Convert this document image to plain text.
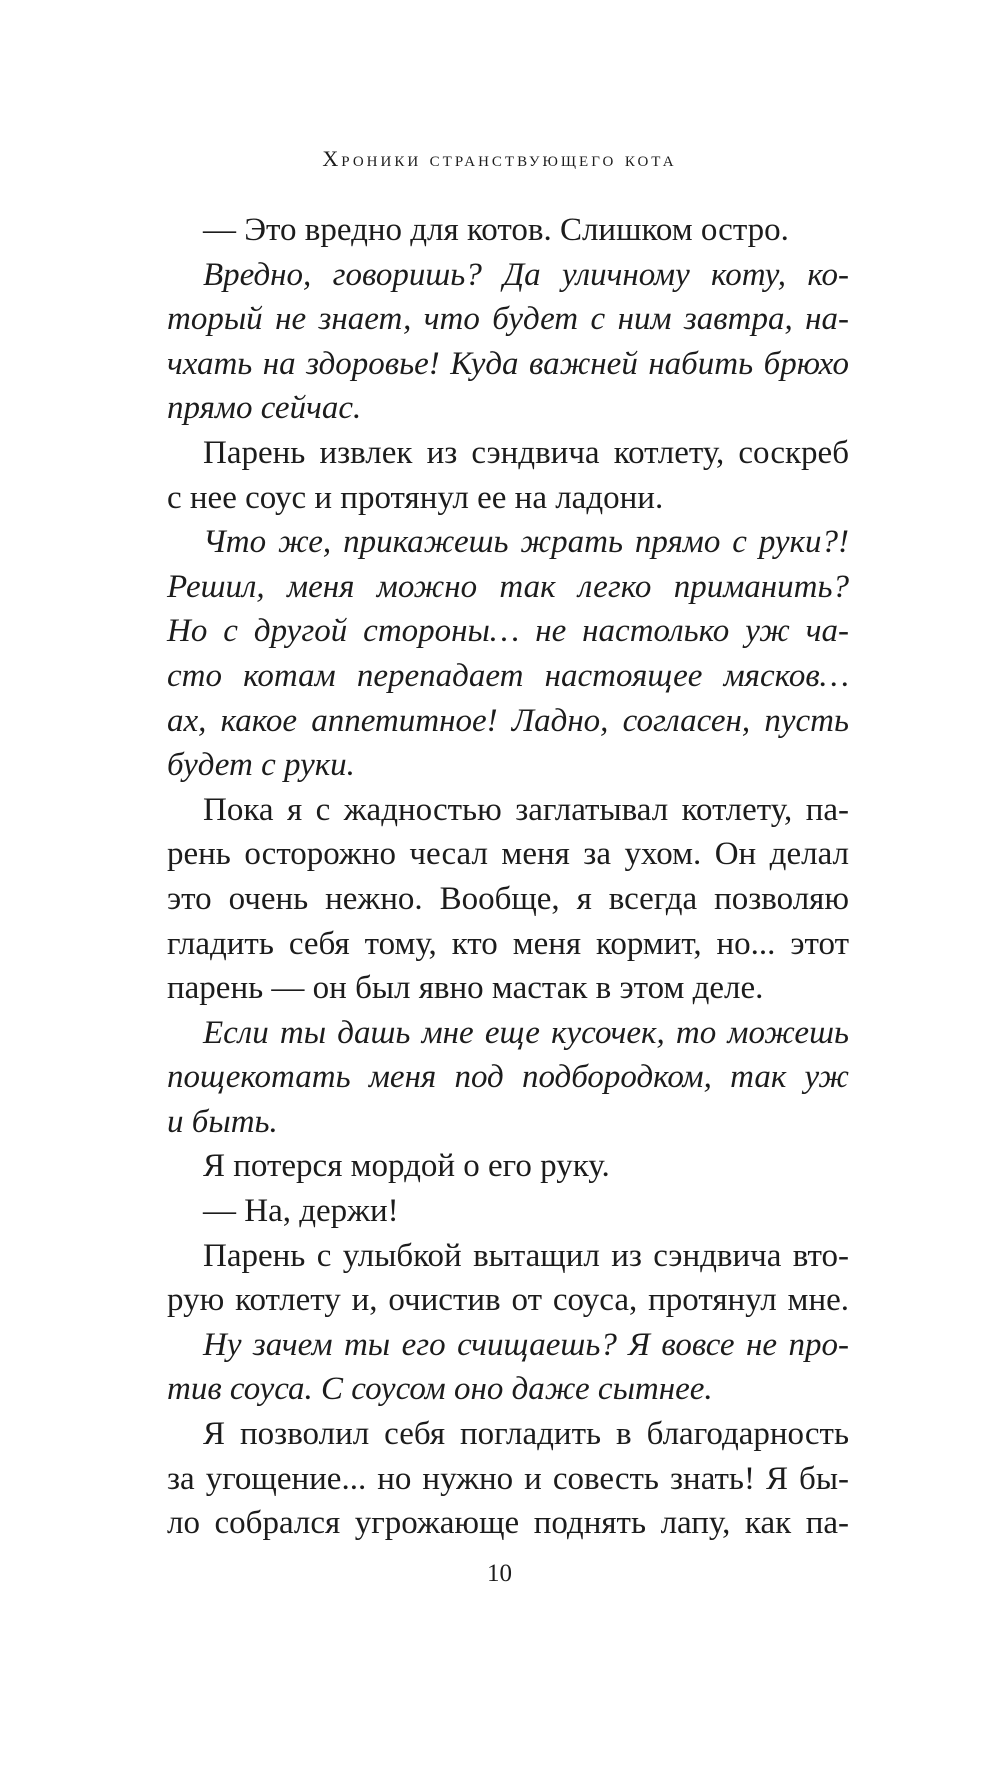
Хроники странствующего кота
— Это вредно для котов. Слишком остро.
Вредно, говоришь? Да уличному коту, ко-
торый не знает, что будет с ним завтра, на-
чхать на здоровье! Куда важней набить брюхо
прямо сейчас.
Парень извлек из сэндвича котлету, соскреб
с нее соус и протянул ее на ладони.
Что же, прикажешь жрать прямо с руки?!
Решил, меня можно так легко приманить?
Но с другой стороны… не настолько уж ча-
сто котам перепадает настоящее мясков…
ах, какое аппетитное! Ладно, согласен, пусть
будет с руки.
Пока я с жадностью заглатывал котлету, па-
рень осторожно чесал меня за ухом. Он делал
это очень нежно. Вообще, я всегда позволяю
гладить себя тому, кто меня кормит, но... этот
парень — он был явно мастак в этом деле.
Если ты дашь мне еще кусочек, то можешь
пощекотать меня под подбородком, так уж
и быть.
Я потерся мордой о его руку.
— На, держи!
Парень с улыбкой вытащил из сэндвича вто-
рую котлету и, очистив от соуса, протянул мне.
Ну зачем ты его счищаешь? Я вовсе не про-
тив соуса. С соусом оно даже сытнее.
Я позволил себя погладить в благодарность
за угощение... но нужно и совесть знать! Я бы-
ло собрался угрожающе поднять лапу, как па-
10
